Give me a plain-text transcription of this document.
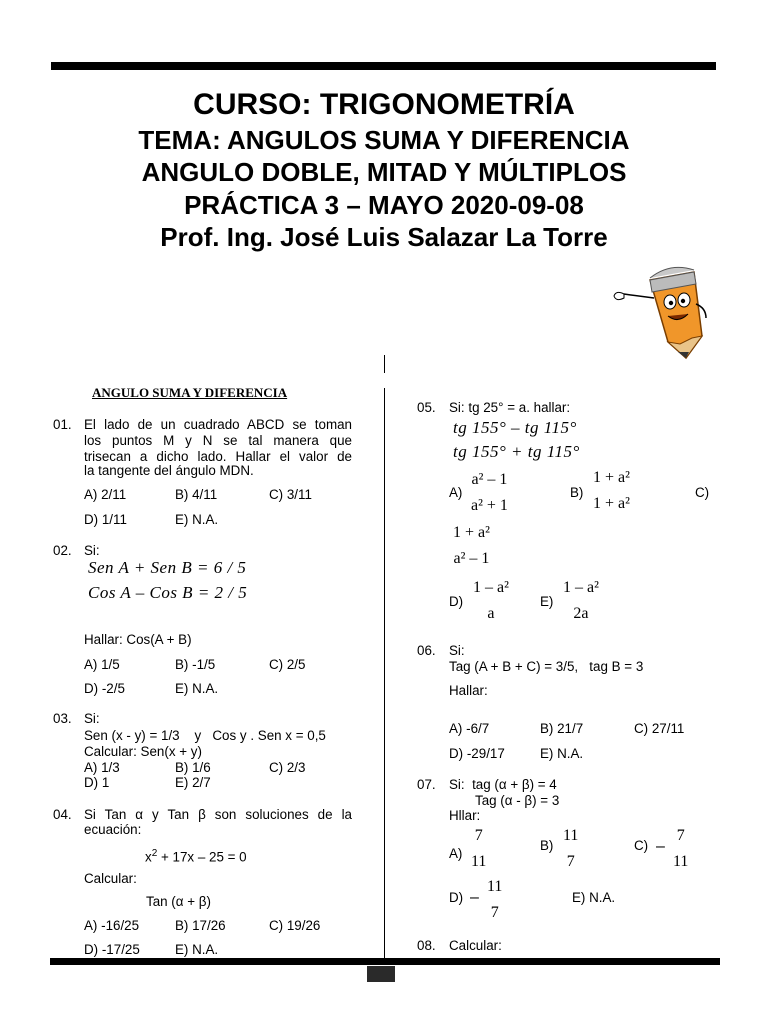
CURSO: TRIGONOMETRÍA
TEMA: ANGULOS SUMA Y DIFERENCIA
ANGULO DOBLE, MITAD Y MÚLTIPLOS
PRÁCTICA 3 – MAYO 2020-09-08
Prof. Ing. José Luis Salazar La Torre
ANGULO SUMA Y DIFERENCIA
01. El lado de un cuadrado ABCD se toman
los puntos M y N se tal manera que
trisecan a dicho lado. Hallar el valor de
la tangente del ángulo MDN.
A) 2/11	B) 4/11	C) 3/11
D) 1/11	E) N.A.
02. Si:
Sen A + Sen B = 6 / 5
Cos A – Cos B = 2 / 5
Hallar: Cos(A + B)
A) 1/5	B) -1/5	C) 2/5
D) -2/5	E) N.A.
03. Si:
Sen (x - y) = 1/3    y   Cos y . Sen x = 0,5
Calcular: Sen(x + y)
A) 1/3	B) 1/6	C) 2/3
D) 1	E) 2/7
04. Si Tan α y Tan β son soluciones de la
ecuación:
$x^2 + 17x - 25 = 0$
Calcular:
Tan (α + β)
A) -16/25	B) 17/26	C) 19/26
D) -17/25	E) N.A.
05. Si: tg 25° = a. hallar:
tg 155° – tg 115°
tg 155° + tg 115°
A)
a² – 1
a² + 1
B)
1 + a²
1 + a²
C)
1 + a²
a² – 1
D)
1 – a²
a
E)
1 – a²
2a
06. Si:
Tag (A + B + C) = 3/5,   tag B = 3
Hallar:
A) -6/7	B) 21/7	C) 27/11
D) -29/17	E) N.A.
07. Si:  tag (α + β) = 4
Tag (α - β) = 3
Hllar:
A)
7
11
B)
11
7
C) –
7
11
D) –
11
7
E) N.A.
08. Calcular:
